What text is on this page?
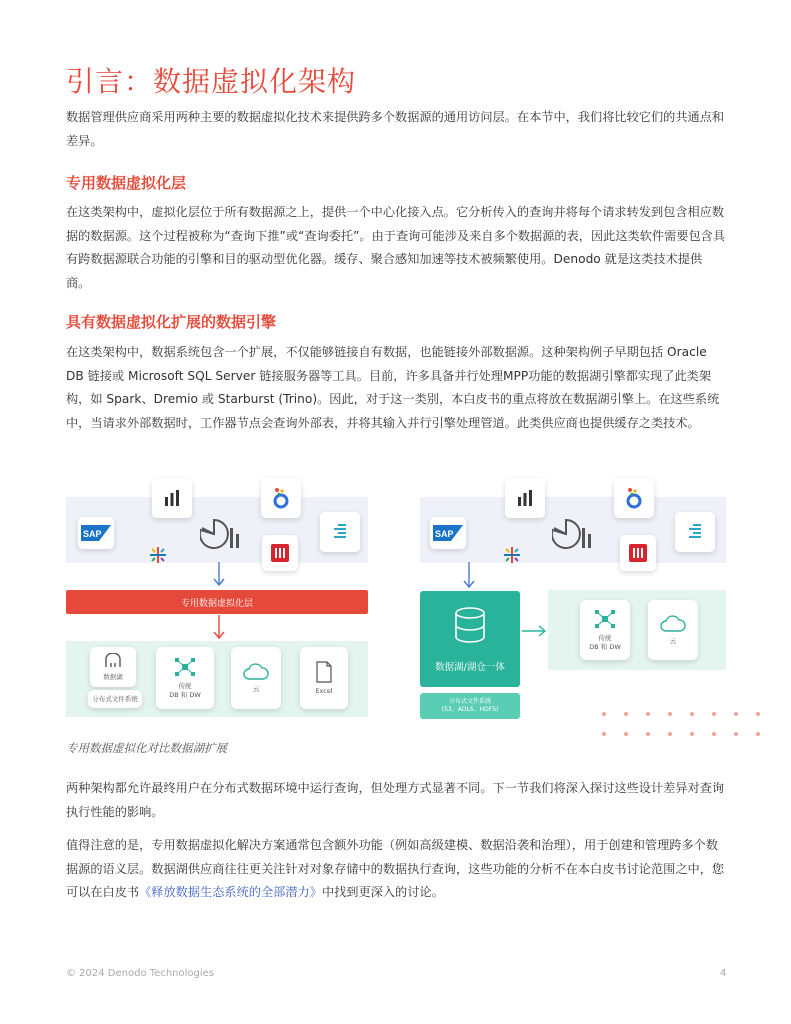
引言：数据虚拟化架构

数据管理供应商采用两种主要的数据虚拟化技术来提供跨多个数据源的通用访问层。在本节中，我们将比较它们的共通点和差异。

专用数据虚拟化层

在这类架构中，虚拟化层位于所有数据源之上，提供一个中心化接入点。它分析传入的查询并将每个请求转发到包含相应数据的数据源。这个过程被称为“查询下推”或“查询委托”。由于查询可能涉及来自多个数据源的表，因此这类软件需要包含具有跨数据源联合功能的引擎和目的驱动型优化器。缓存、聚合感知加速等技术被频繁使用。Denodo 就是这类技术提供商。

具有数据虚拟化扩展的数据引擎

在这类架构中，数据系统包含一个扩展，不仅能够链接自有数据，也能链接外部数据源。这种架构例子早期包括 Oracle DB 链接或 Microsoft SQL Server 链接服务器等工具。目前，许多具备并行处理MPP功能的数据湖引擎都实现了此类架构，如 Spark、Dremio 或 Starburst (Trino)。因此，对于这一类别，本白皮书的重点将放在数据湖引擎上。在这些系统中，当请求外部数据时，工作器节点会查询外部表，并将其输入并行引擎处理管道。此类供应商也提供缓存之类技术。

SAP
专用数据虚拟化层
数据湖
分布式文件系统
传统
DB 和 DW
云	Excel
SAP
数据湖/湖仓一体
分布式文件系统
(S3、ADLS、HDFS)
传统
DB 和 DW
云
专用数据虚拟化对比数据湖扩展

两种架构都允许最终用户在分布式数据环境中运行查询，但处理方式显著不同。下一节我们将深入探讨这些设计差异对查询执行性能的影响。

值得注意的是，专用数据虚拟化解决方案通常包含额外功能（例如高级建模、数据沿袭和治理），用于创建和管理跨多个数据源的语义层。数据湖供应商往往更关注针对对象存储中的数据执行查询，这些功能的分析不在本白皮书讨论范围之中，您可以在白皮书《释放数据生态系统的全部潜力》中找到更深入的讨论。

© 2024 Denodo Technologies	4
